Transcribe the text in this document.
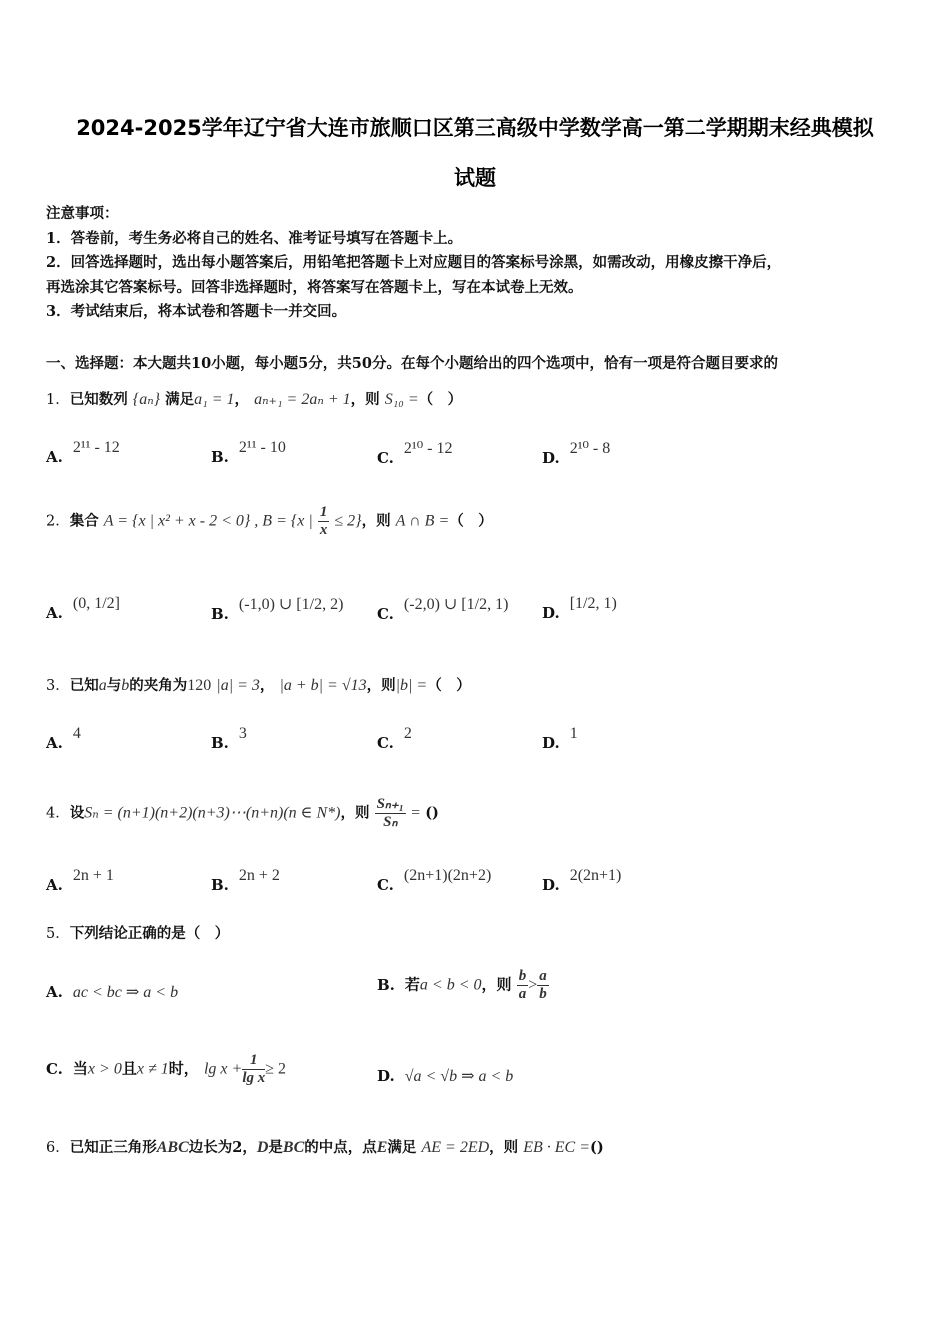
2024-2025学年辽宁省大连市旅顺口区第三高级中学数学高一第二学期期末经典模拟
试题
注意事项：
1．答卷前，考生务必将自己的姓名、准考证号填写在答题卡上。
2．回答选择题时，选出每小题答案后，用铅笔把答题卡上对应题目的答案标号涂黑，如需改动，用橡皮擦干净后，
再选涂其它答案标号。回答非选择题时，将答案写在答题卡上，写在本试卷上无效。
3．考试结束后，将本试卷和答题卡一并交回。
一、选择题：本大题共10小题，每小题5分，共50分。在每个小题给出的四个选项中，恰有一项是符合题目要求的
1．已知数列 {aₙ} 满足a₁ = 1， aₙ₊₁ = 2aₙ + 1，则 S₁₀ =（　）
A.2¹¹ - 12
B.2¹¹ - 10
C.2¹⁰ - 12
D.2¹⁰ - 8
2．集合 A = {x | x² + x - 2 < 0} , B = {x | $\frac{1}{x} \le 2$}，则 A ∩ B =（　）
A.(0, 1/2]
B.(-1,0) ∪ [1/2, 2)
C.(-2,0) ∪ [1/2, 1) D.[1/2, 1)
3．已知a与b的夹角为120 |a| = 3， |a + b| = √13，则|b| =（　）
A.4
B.3
C.2
D.1
4．设Sₙ = (n+1)(n+2)(n+3)⋯(n+n)(n ∈ N*)，则 $\frac{\text{Sₙ₊₁}}{\text{Sₙ}}$ = ()
A.2n + 1
B.2n + 2
C.(2n+1)(2n+2)
D.2(2n+1)
5．下列结论正确的是（　）
A. ac < bc ⇒ a < b	B. 若a < b < 0，则 $\frac{b}{a} > \frac{a}{b}$
C. 当x > 0且x ≠ 1时， $\lg x + \frac{1}{\text{lg x}} \ge 2$	D. √a < √b ⇒ a < b
6．已知正三角形ABC边长为2，D是BC的中点，点E满足 AE = 2ED，则 EB · EC =()
